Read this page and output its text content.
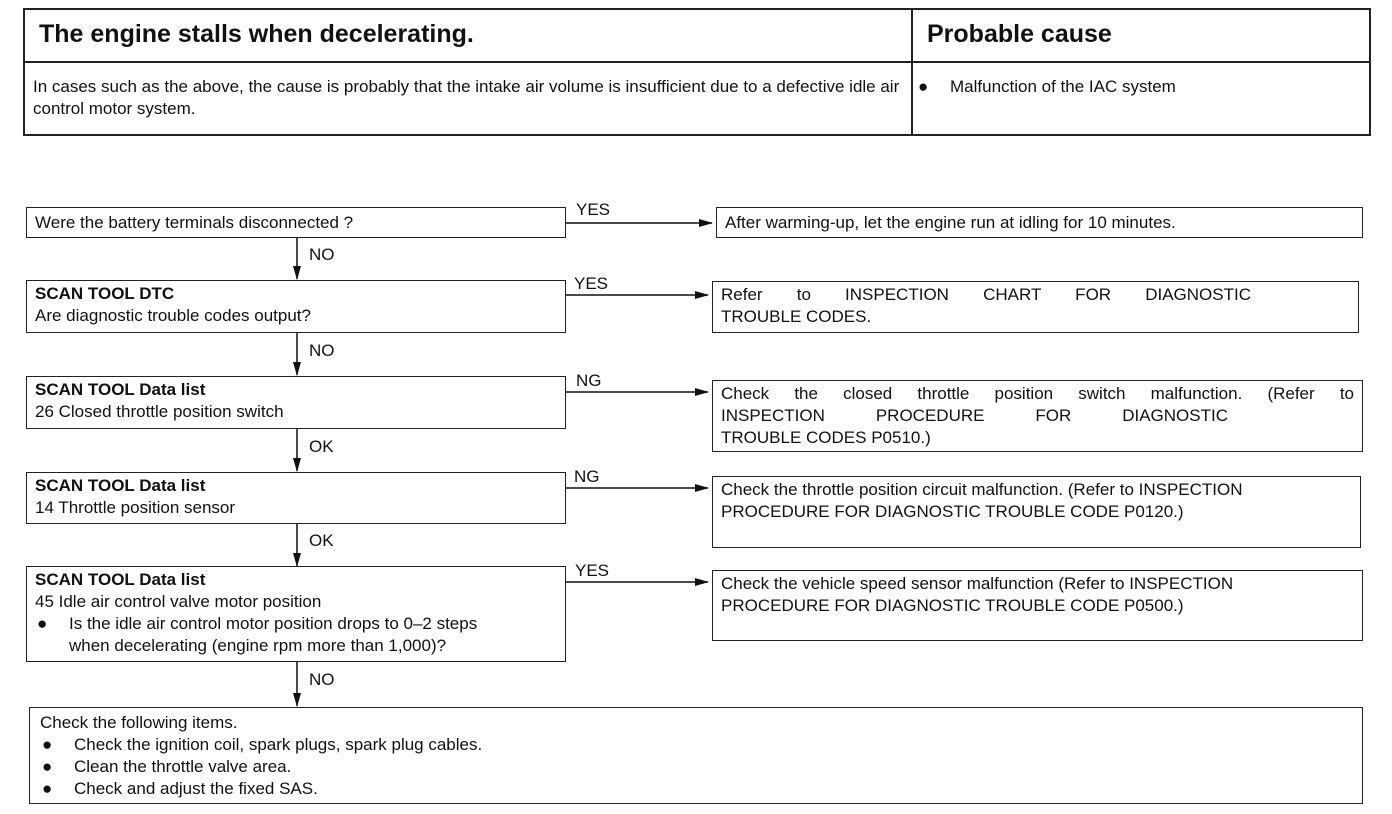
The engine stalls when decelerating.	Probable cause
In cases such as the above, the cause is probably that the intake air volume is insufficient due to a defective idle air control motor system.
● Malfunction of the IAC system
Were the battery terminals disconnected ?
YES
After warming-up, let the engine run at idling for 10 minutes.
NO
SCAN TOOL DTC
Are diagnostic trouble codes output?
YES
Refer to INSPECTION CHART FOR DIAGNOSTIC
TROUBLE CODES.
NO
SCAN TOOL Data list
26 Closed throttle position switch
NG
Check the closed throttle position switch malfunction. (Refer to
INSPECTION PROCEDURE FOR DIAGNOSTIC
TROUBLE CODES P0510.)
OK
SCAN TOOL Data list
14 Throttle position sensor
NG
Check the throttle position circuit malfunction. (Refer to INSPECTION
PROCEDURE FOR DIAGNOSTIC TROUBLE CODE P0120.)
OK
SCAN TOOL Data list
45 Idle air control valve motor position
● Is the idle air control motor position drops to 0–2 steps
when decelerating (engine rpm more than 1,000)?
YES
Check the vehicle speed sensor malfunction (Refer to INSPECTION
PROCEDURE FOR DIAGNOSTIC TROUBLE CODE P0500.)
NO
Check the following items.
● Check the ignition coil, spark plugs, spark plug cables.
● Clean the throttle valve area.
● Check and adjust the fixed SAS.
